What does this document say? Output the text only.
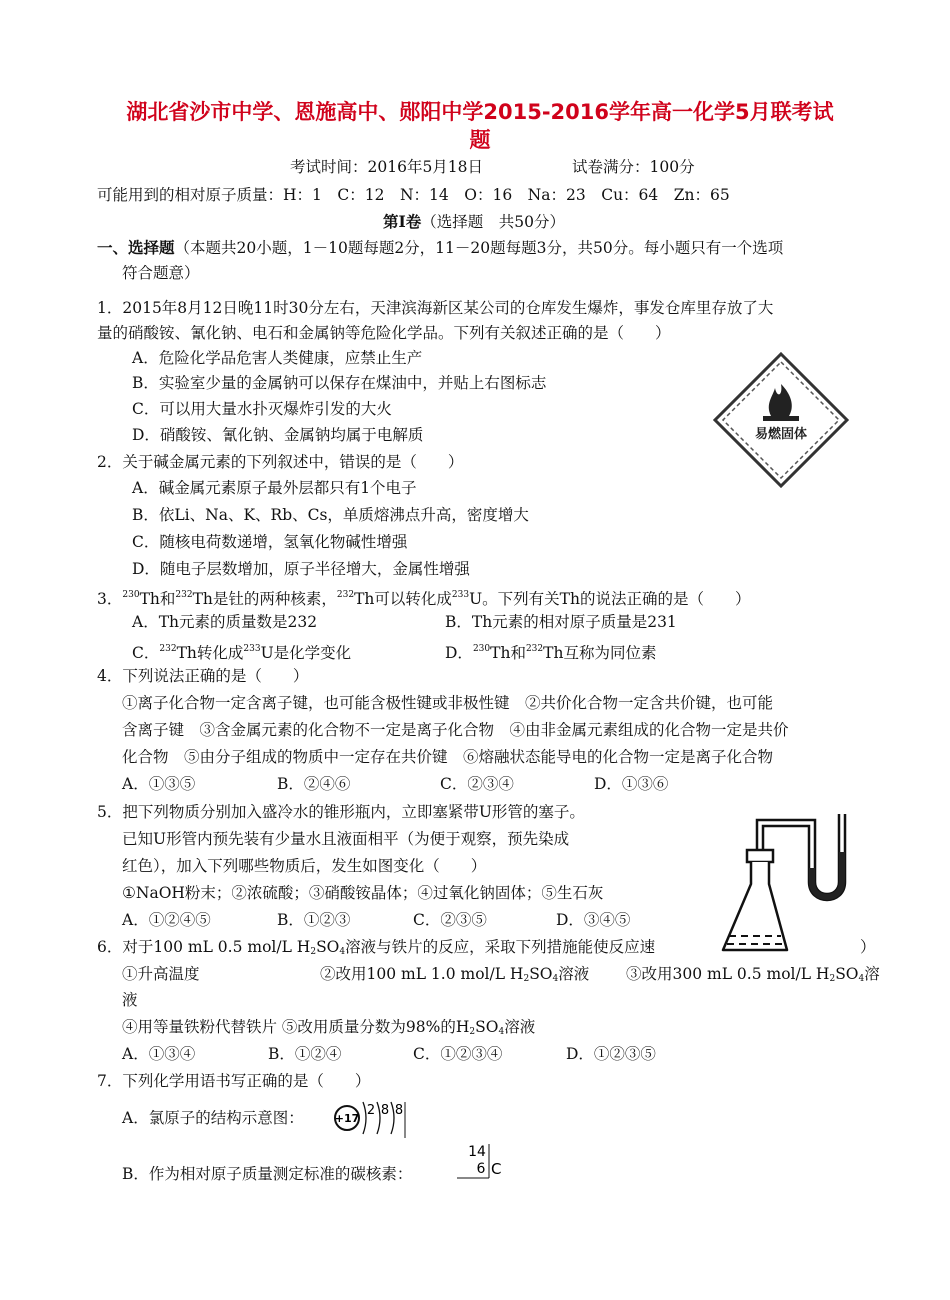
湖北省沙市中学、恩施高中、郧阳中学2015-2016学年高一化学5月联考试
题
考试时间：2016年5月18日	试卷满分：100分
可能用到的相对原子质量：H：1　C：12　N：14　O：16　Na：23　Cu：64　Zn：65
第Ⅰ卷（选择题　共50分）
一、选择题（本题共20小题，1－10题每题2分，11－20题每题3分，共50分。每小题只有一个选项
符合题意）
1．2015年8月12日晚11时30分左右，天津滨海新区某公司的仓库发生爆炸，事发仓库里存放了大
量的硝酸铵、氰化钠、电石和金属钠等危险化学品。下列有关叙述正确的是（　　）
A．危险化学品危害人类健康，应禁止生产
B．实验室少量的金属钠可以保存在煤油中，并贴上右图标志
C．可以用大量水扑灭爆炸引发的大火
D．硝酸铵、氰化钠、金属钠均属于电解质	易燃固体
2．关于碱金属元素的下列叙述中，错误的是（　　）
A．碱金属元素原子最外层都只有1个电子
B．依Li、Na、K、Rb、Cs，单质熔沸点升高，密度增大
C．随核电荷数递增，氢氧化物碱性增强
D．随电子层数增加，原子半径增大，金属性增强
3．$^{230}$Th和$^{232}$Th是钍的两种核素，$^{232}$Th可以转化成$^{233}$U。下列有关Th的说法正确的是（　　）
A．Th元素的质量数是232	B．Th元素的相对原子质量是231
C．$^{232}$Th转化成$^{233}$U是化学变化	D．$^{230}$Th和$^{232}$Th互称为同位素
4．下列说法正确的是（　　）
①离子化合物一定含离子键，也可能含极性键或非极性键　②共价化合物一定含共价键，也可能
含离子键　③含金属元素的化合物不一定是离子化合物　④由非金属元素组成的化合物一定是共价
化合物　⑤由分子组成的物质中一定存在共价键　⑥熔融状态能导电的化合物一定是离子化合物
A．①③⑤	B．②④⑥	C．②③④	D．①③⑥
5．把下列物质分别加入盛冷水的锥形瓶内，立即塞紧带U形管的塞子。
已知U形管内预先装有少量水且液面相平（为便于观察，预先染成
红色），加入下列哪些物质后，发生如图变化（　　）
①NaOH粉末；②浓硫酸；③硝酸铵晶体；④过氧化钠固体；⑤生石灰
A．①②④⑤	B．①②③	C．②③⑤	D．③④⑤
6．对于100 mL 0.5 mol/L $H_2SO_4$溶液与铁片的反应，采取下列措施能使反应速	）
①升高温度	②改用100 mL 1.0 mol/L $H_2SO_4$溶液 ③改用300 mL 0.5 mol/L $H_2SO_4$溶
液
④用等量铁粉代替铁片 ⑤改用质量分数为98%的$H_2SO_4$溶液
A．①③④	B．①②④	C．①②③④	D．①②③⑤
7．下列化学用语书写正确的是（　　）
A．氯原子的结构示意图：	+17
2 8 8
B．作为相对原子质量测定标准的碳核素：
14
6 C
